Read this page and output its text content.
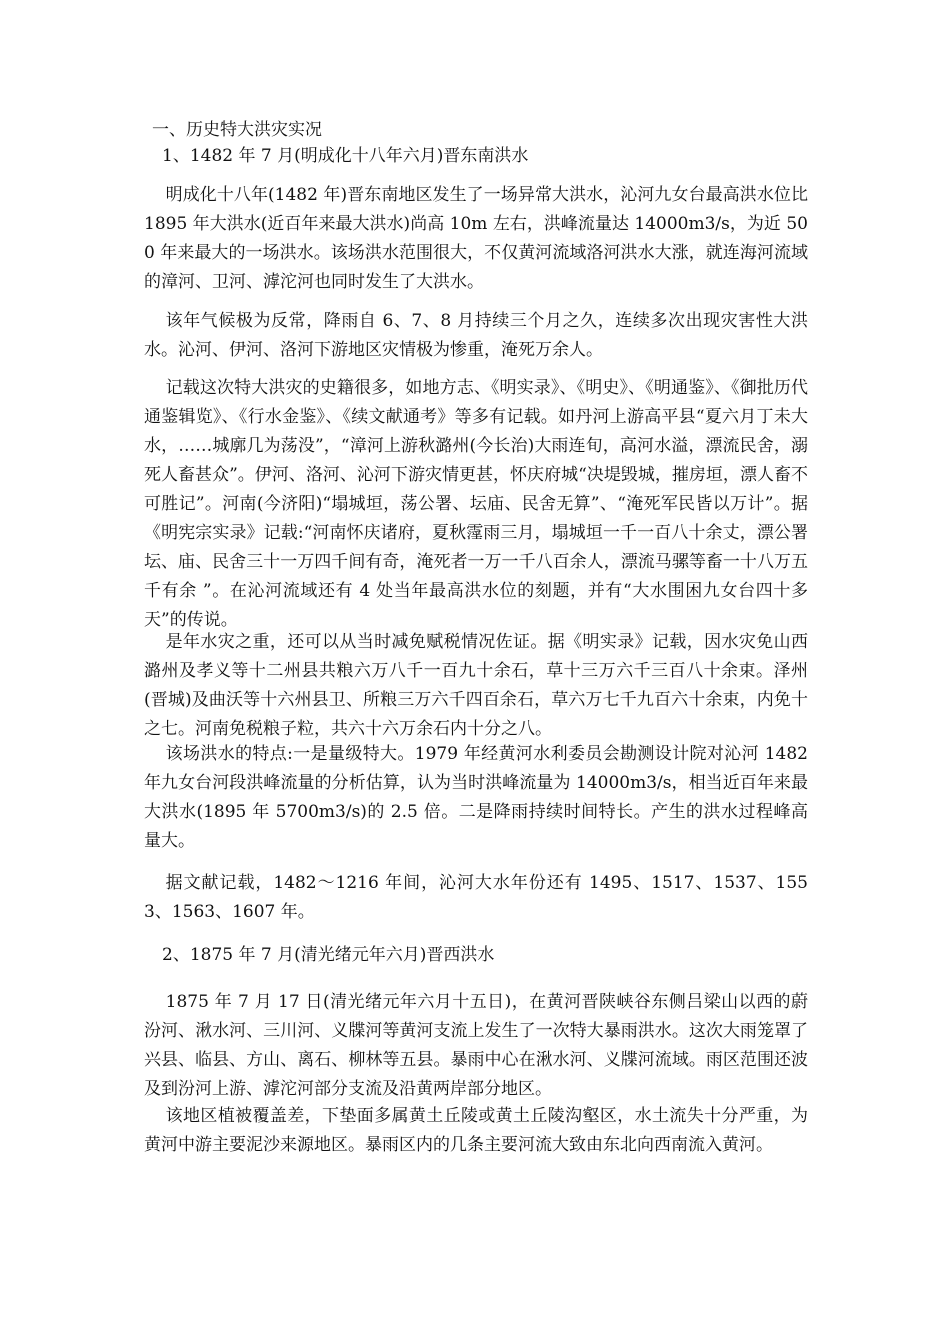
一、历史特大洪灾实况
1、1482 年 7 月(明成化十八年六月)晋东南洪水

明成化十八年(1482 年)晋东南地区发生了一场异常大洪水，沁河九女台最高洪水位比 1895 年大洪水(近百年来最大洪水)尚高 10m 左右，洪峰流量达 14000m3/s，为近 500 年来最大的一场洪水。该场洪水范围很大，不仅黄河流域洛河洪水大涨，就连海河流域的漳河、卫河、滹沱河也同时发生了大洪水。

该年气候极为反常，降雨自 6、7、8 月持续三个月之久，连续多次出现灾害性大洪水。沁河、伊河、洛河下游地区灾情极为惨重，淹死万余人。

记载这次特大洪灾的史籍很多，如地方志、《明实录》、《明史》、《明通鉴》、《御批历代通鉴辑览》、《行水金鉴》、《续文献通考》等多有记载。如丹河上游高平县“夏六月丁未大水，……城廓几为荡没”，“漳河上游秋潞州(今长治)大雨连旬，高河水溢，漂流民舍，溺死人畜甚众”。伊河、洛河、沁河下游灾情更甚，怀庆府城“决堤毁城，摧房垣，漂人畜不可胜记”。河南(今济阳)“塌城垣，荡公署、坛庙、民舍无算”、“淹死军民皆以万计”。据《明宪宗实录》记载:“河南怀庆诸府，夏秋霪雨三月，塌城垣一千一百八十余丈，漂公署坛、庙、民舍三十一万四千间有奇，淹死者一万一千八百余人，漂流马骡等畜一十八万五千有余 ”。在沁河流域还有 4 处当年最高洪水位的刻题，并有“大水围困九女台四十多天”的传说。

是年水灾之重，还可以从当时减免赋税情况佐证。据《明实录》记载，因水灾免山西潞州及孝义等十二州县共粮六万八千一百九十余石，草十三万六千三百八十余束。泽州(晋城)及曲沃等十六州县卫、所粮三万六千四百余石，草六万七千九百六十余束，内免十之七。河南免税粮子粒，共六十六万余石内十分之八。

该场洪水的特点:一是量级特大。1979 年经黄河水利委员会勘测设计院对沁河 1482 年九女台河段洪峰流量的分析估算，认为当时洪峰流量为 14000m3/s，相当近百年来最大洪水(1895 年 5700m3/s)的 2.5 倍。二是降雨持续时间特长。产生的洪水过程峰高量大。

据文献记载，1482～1216 年间，沁河大水年份还有 1495、1517、1537、1553、1563、1607 年。

2、1875 年 7 月(清光绪元年六月)晋西洪水

1875 年 7 月 17 日(清光绪元年六月十五日)，在黄河晋陕峡谷东侧吕梁山以西的蔚汾河、湫水河、三川河、义牒河等黄河支流上发生了一次特大暴雨洪水。这次大雨笼罩了兴县、临县、方山、离石、柳林等五县。暴雨中心在湫水河、义牒河流域。雨区范围还波及到汾河上游、滹沱河部分支流及沿黄两岸部分地区。

该地区植被覆盖差，下垫面多属黄土丘陵或黄土丘陵沟壑区，水土流失十分严重，为黄河中游主要泥沙来源地区。暴雨区内的几条主要河流大致由东北向西南流入黄河。
